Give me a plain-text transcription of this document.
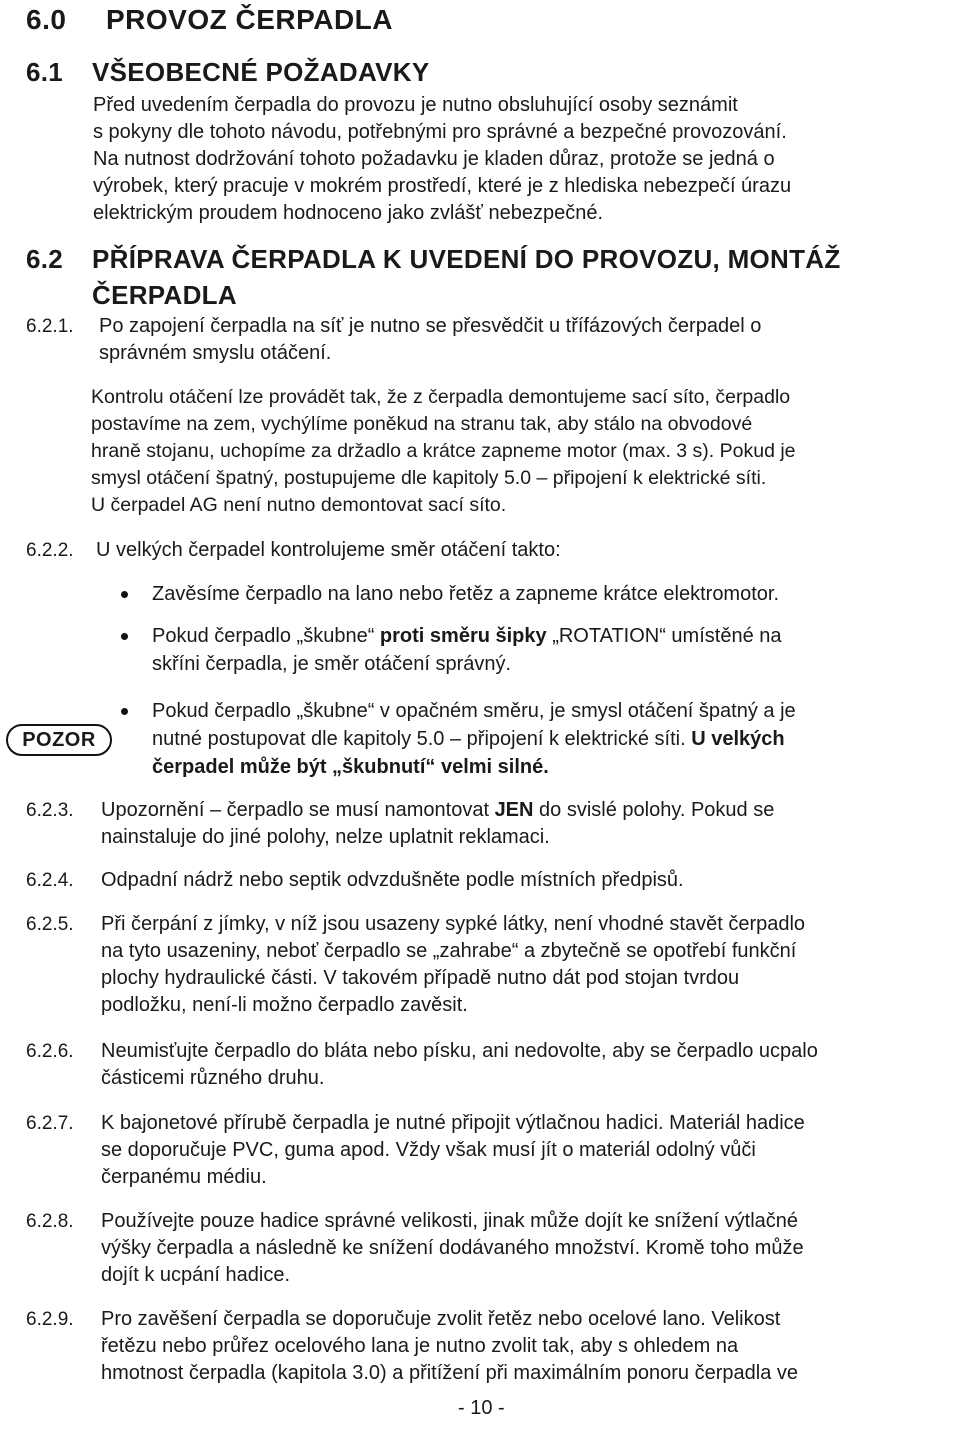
6.0 PROVOZ ČERPADLA
6.1 VŠEOBECNÉ POŽADAVKY
Před uvedením čerpadla do provozu je nutno obsluhující osoby seznámit
s pokyny dle tohoto návodu, potřebnými pro správné a bezpečné provozování.
Na nutnost dodržování tohoto požadavku je kladen důraz, protože se jedná o
výrobek, který pracuje v mokrém prostředí, které je z hlediska nebezpečí úrazu
elektrickým proudem hodnoceno jako zvlášť nebezpečné.
6.2 PŘÍPRAVA ČERPADLA K UVEDENÍ DO PROVOZU, MONTÁŽ
ČERPADLA
6.2.1. Po zapojení čerpadla na síť je nutno se přesvědčit u třífázových čerpadel o
správném smyslu otáčení.
Kontrolu otáčení lze provádět tak, že z čerpadla demontujeme sací síto, čerpadlo
postavíme na zem, vychýlíme poněkud na stranu tak, aby stálo na obvodové
hraně stojanu, uchopíme za držadlo a krátce zapneme motor (max. 3 s). Pokud je
smysl otáčení špatný, postupujeme dle kapitoly 5.0 – připojení k elektrické síti.
U čerpadel AG není nutno demontovat sací síto.
6.2.2. U velkých čerpadel kontrolujeme směr otáčení takto:
Zavěsíme čerpadlo na lano nebo řetěz a zapneme krátce elektromotor.
Pokud čerpadlo „škubne“ proti směru šipky „ROTATION“ umístěné na
skříni čerpadla, je směr otáčení správný.
Pokud čerpadlo „škubne“ v opačném směru, je smysl otáčení špatný a je
nutné postupovat dle kapitoly 5.0 – připojení k elektrické síti. U velkých
čerpadel může být „škubnutí“ velmi silné.
POZOR
6.2.3. Upozornění – čerpadlo se musí namontovat JEN do svislé polohy. Pokud se
nainstaluje do jiné polohy, nelze uplatnit reklamaci.
6.2.4. Odpadní nádrž nebo septik odvzdušněte podle místních předpisů.
6.2.5. Při čerpání z jímky, v níž jsou usazeny sypké látky, není vhodné stavět čerpadlo
na tyto usazeniny, neboť čerpadlo se „zahrabe“ a zbytečně se opotřebí funkční
plochy hydraulické části. V takovém případě nutno dát pod stojan tvrdou
podložku, není-li možno čerpadlo zavěsit.
6.2.6. Neumisťujte čerpadlo do bláta nebo písku, ani nedovolte, aby se čerpadlo ucpalo
částicemi různého druhu.
6.2.7. K bajonetové přírubě čerpadla je nutné připojit výtlačnou hadici. Materiál hadice
se doporučuje PVC, guma apod. Vždy však musí jít o materiál odolný vůči
čerpanému médiu.
6.2.8. Používejte pouze hadice správné velikosti, jinak může dojít ke snížení výtlačné
výšky čerpadla a následně ke snížení dodávaného množství. Kromě toho může
dojít k ucpání hadice.
6.2.9. Pro zavěšení čerpadla se doporučuje zvolit řetěz nebo ocelové lano. Velikost
řetězu nebo průřez ocelového lana je nutno zvolit tak, aby s ohledem na
hmotnost čerpadla (kapitola 3.0) a přitížení při maximálním ponoru čerpadla ve
- 10 -
